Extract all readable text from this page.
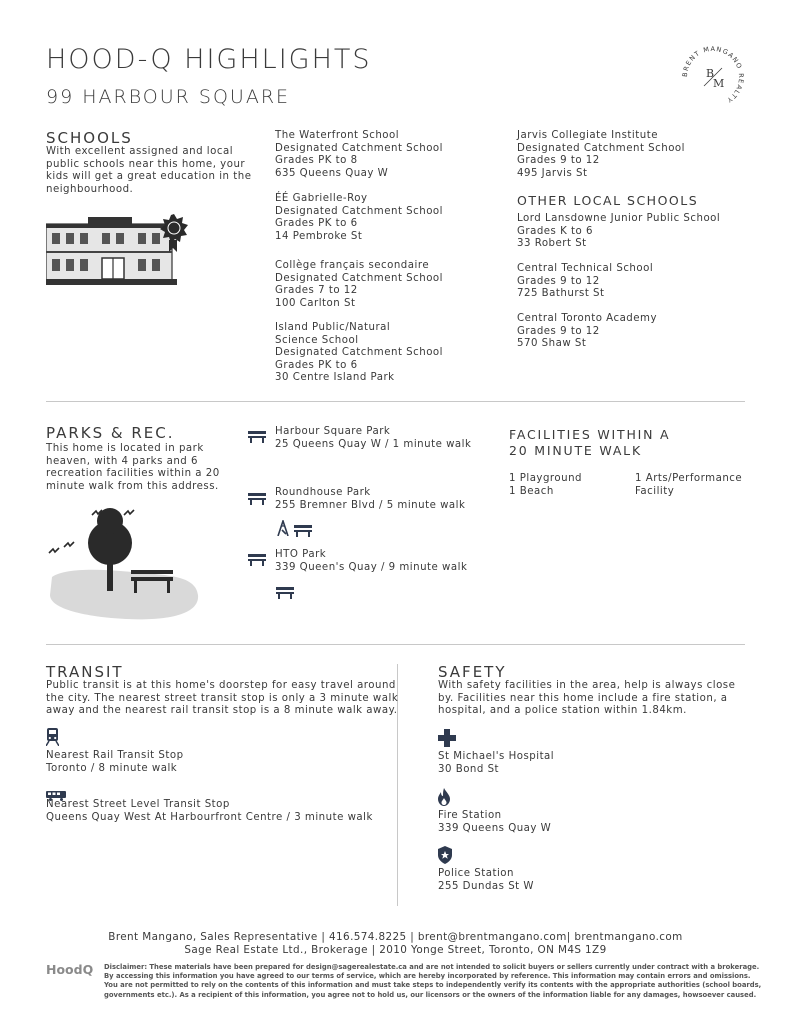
HOOD-Q HIGHLIGHTS
99 HARBOUR SQUARE
BRENT MANGANO REALTY
B
M
SCHOOLS
With excellent assigned and local
public schools near this home, your
kids will get a great education in the
neighbourhood.
The Waterfront School
Designated Catchment School
Grades PK to 8
635 Queens Quay W
ÉÉ Gabrielle-Roy
Designated Catchment School
Grades PK to 6
14 Pembroke St
Collège français secondaire
Designated Catchment School
Grades 7 to 12
100 Carlton St
Island Public/Natural
Science School
Designated Catchment School
Grades PK to 6
30 Centre Island Park
Jarvis Collegiate Institute
Designated Catchment School
Grades 9 to 12
495 Jarvis St
OTHER LOCAL SCHOOLS
Lord Lansdowne Junior Public School
Grades K to 6
33 Robert St
Central Technical School
Grades 9 to 12
725 Bathurst St
Central Toronto Academy
Grades 9 to 12
570 Shaw St
PARKS & REC.
This home is located in park
heaven, with 4 parks and 6
recreation facilities within a 20
minute walk from this address.
Harbour Square Park
25 Queens Quay W / 1 minute walk
Roundhouse Park
255 Bremner Blvd / 5 minute walk
HTO Park
339 Queen's Quay / 9 minute walk
FACILITIES WITHIN A
20 MINUTE WALK
1 Playground
1 Beach
1 Arts/Performance
Facility
TRANSIT
Public transit is at this home's doorstep for easy travel around
the city. The nearest street transit stop is only a 3 minute walk
away and the nearest rail transit stop is a 8 minute walk away.
Nearest Rail Transit Stop
Toronto / 8 minute walk
Nearest Street Level Transit Stop
Queens Quay West At Harbourfront Centre / 3 minute walk
SAFETY
With safety facilities in the area, help is always close
by. Facilities near this home include a fire station, a
hospital, and a police station within 1.84km.
St Michael's Hospital
30 Bond St
Fire Station
339 Queens Quay W
Police Station
255 Dundas St W
Brent Mangano, Sales Representative | 416.574.8225 | brent@brentmangano.com| brentmangano.com
Sage Real Estate Ltd., Brokerage | 2010 Yonge Street, Toronto, ON M4S 1Z9
HoodQ Disclaimer: These materials have been prepared for design@sagerealestate.ca and are not intended to solicit buyers or sellers currently under contract with a brokerage.
By accessing this information you have agreed to our terms of service, which are hereby incorporated by reference. This information may contain errors and omissions.
You are not permitted to rely on the contents of this information and must take steps to independently verify its contents with the appropriate authorities (school boards,
governments etc.). As a recipient of this information, you agree not to hold us, our licensors or the owners of the information liable for any damages, howsoever caused.
